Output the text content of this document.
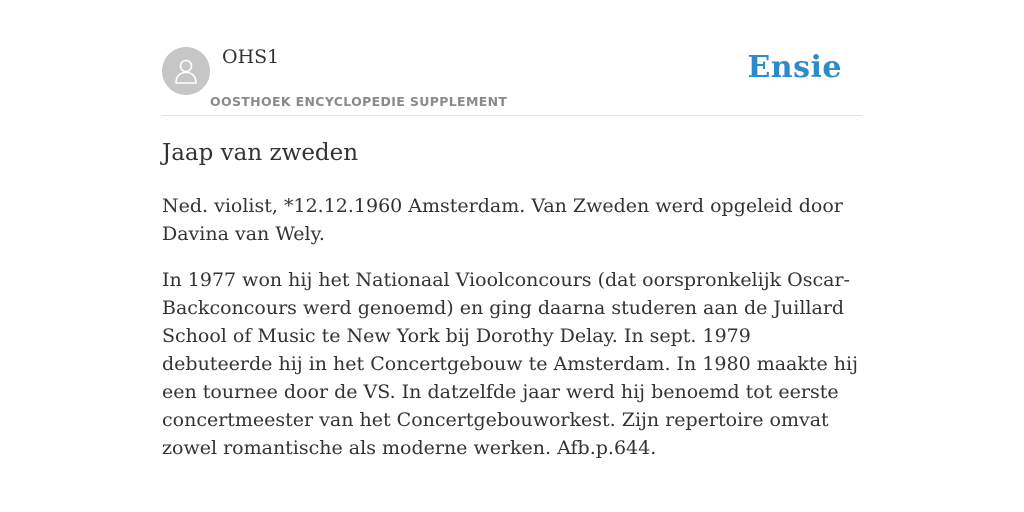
OHS1
OOSTHOEK ENCYCLOPEDIE SUPPLEMENT
Ensie
Jaap van zweden

Ned. violist, *12.12.1960 Amsterdam. Van Zweden werd opgeleid door Davina van Wely.

In 1977 won hij het Nationaal Vioolconcours (dat oorspronkelijk Oscar-Backconcours werd genoemd) en ging daarna studeren aan de Juillard School of Music te New York bij Dorothy Delay. In sept. 1979 debuteerde hij in het Concertgebouw te Amsterdam. In 1980 maakte hij een tournee door de VS. In datzelfde jaar werd hij benoemd tot eerste concertmeester van het Concertgebouworkest. Zijn repertoire omvat zowel romantische als moderne werken. Afb.p.644.
